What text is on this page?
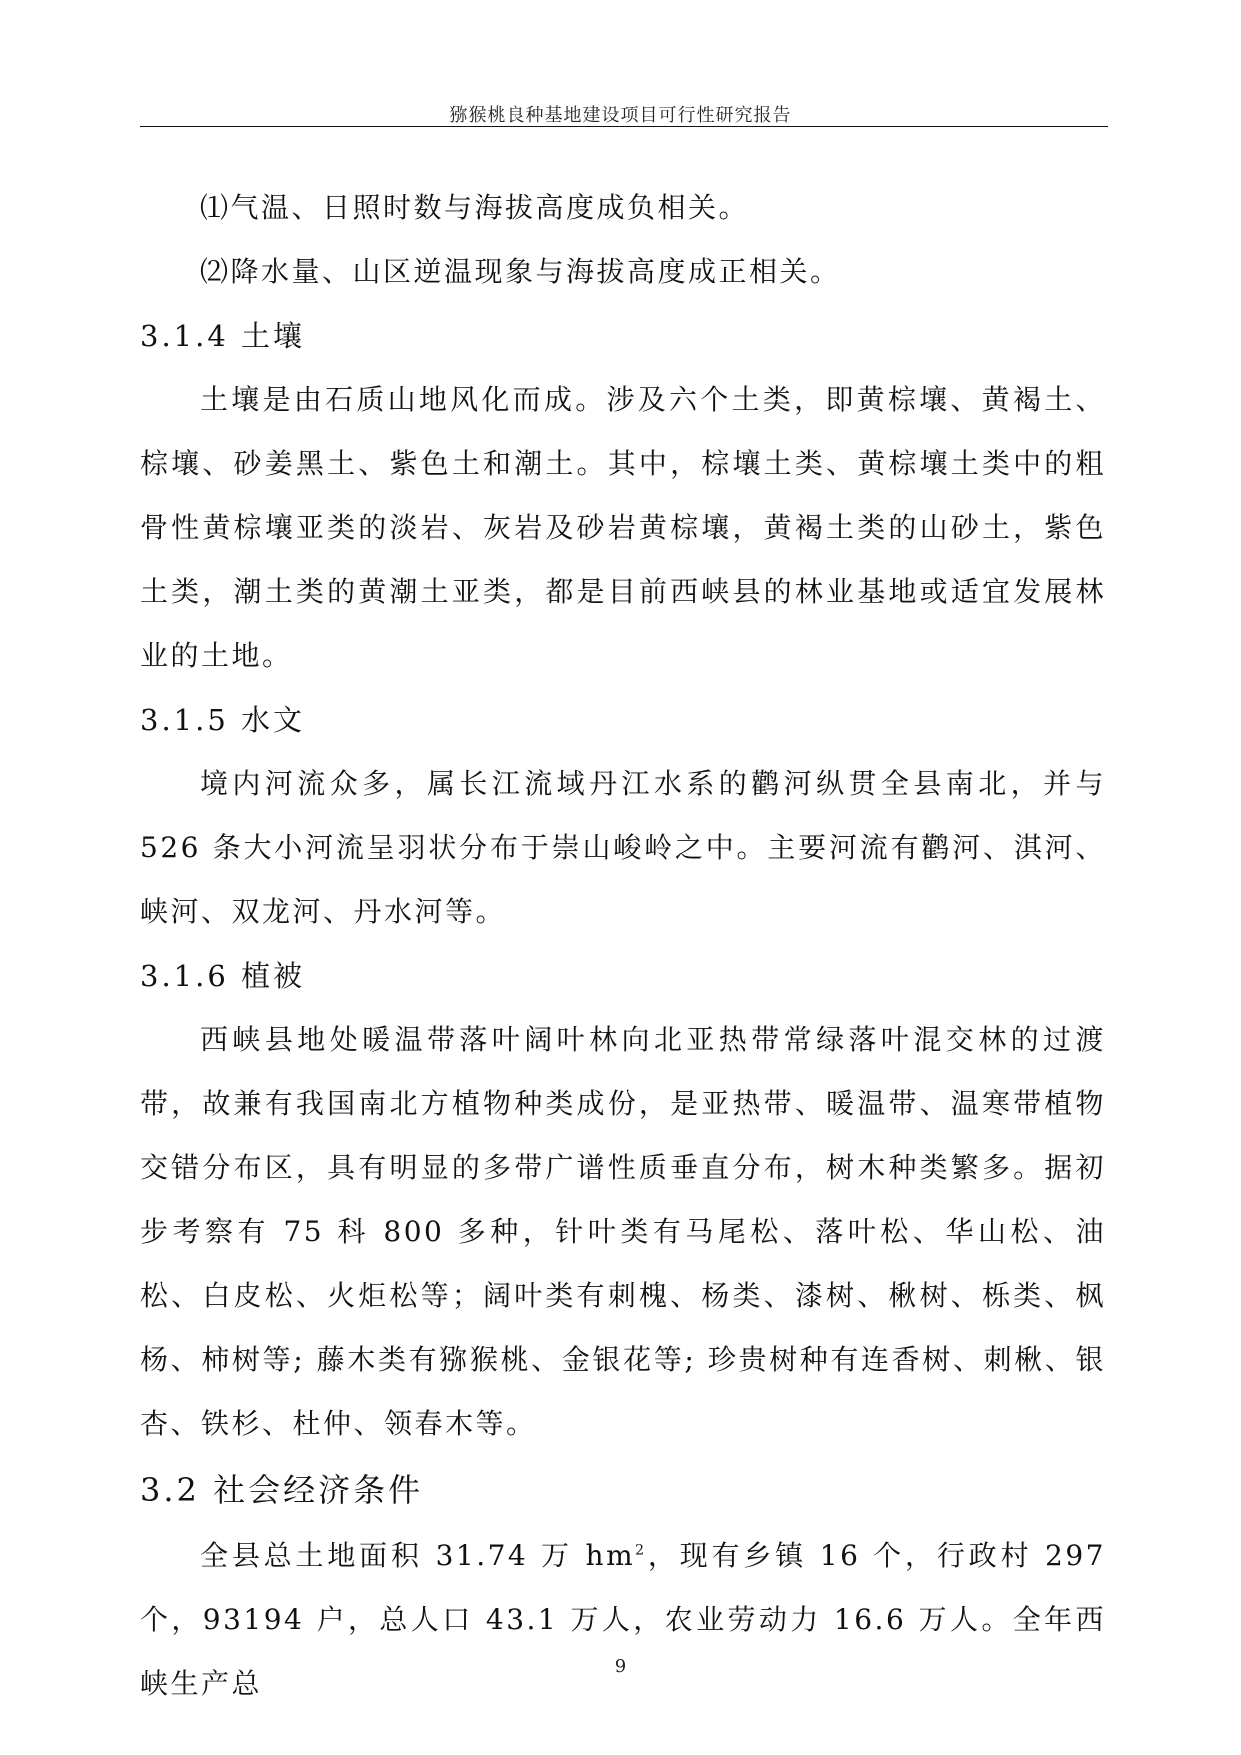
猕猴桃良种基地建设项目可行性研究报告

⑴气温、日照时数与海拔高度成负相关。

⑵降水量、山区逆温现象与海拔高度成正相关。

3.1.4 土壤

土壤是由石质山地风化而成。涉及六个土类，即黄棕壤、黄褐土、棕壤、砂姜黑土、紫色土和潮土。其中，棕壤土类、黄棕壤土类中的粗骨性黄棕壤亚类的淡岩、灰岩及砂岩黄棕壤，黄褐土类的山砂土，紫色土类，潮土类的黄潮土亚类，都是目前西峡县的林业基地或适宜发展林业的土地。

3.1.5 水文

境内河流众多，属长江流域丹江水系的鹳河纵贯全县南北，并与 526 条大小河流呈羽状分布于崇山峻岭之中。主要河流有鹳河、淇河、峡河、双龙河、丹水河等。

3.1.6 植被

西峡县地处暖温带落叶阔叶林向北亚热带常绿落叶混交林的过渡带，故兼有我国南北方植物种类成份，是亚热带、暖温带、温寒带植物交错分布区，具有明显的多带广谱性质垂直分布，树木种类繁多。据初步考察有 75 科 800 多种，针叶类有马尾松、落叶松、华山松、油松、白皮松、火炬松等；阔叶类有刺槐、杨类、漆树、楸树、栎类、枫杨、柿树等; 藤木类有猕猴桃、金银花等; 珍贵树种有连香树、刺楸、银杏、铁杉、杜仲、领春木等。

3.2 社会经济条件

全县总土地面积 31.74 万 $hm^2$，现有乡镇 16 个，行政村 297 个，93194 户，总人口 43.1 万人，农业劳动力 16.6 万人。全年西峡生产总

9
